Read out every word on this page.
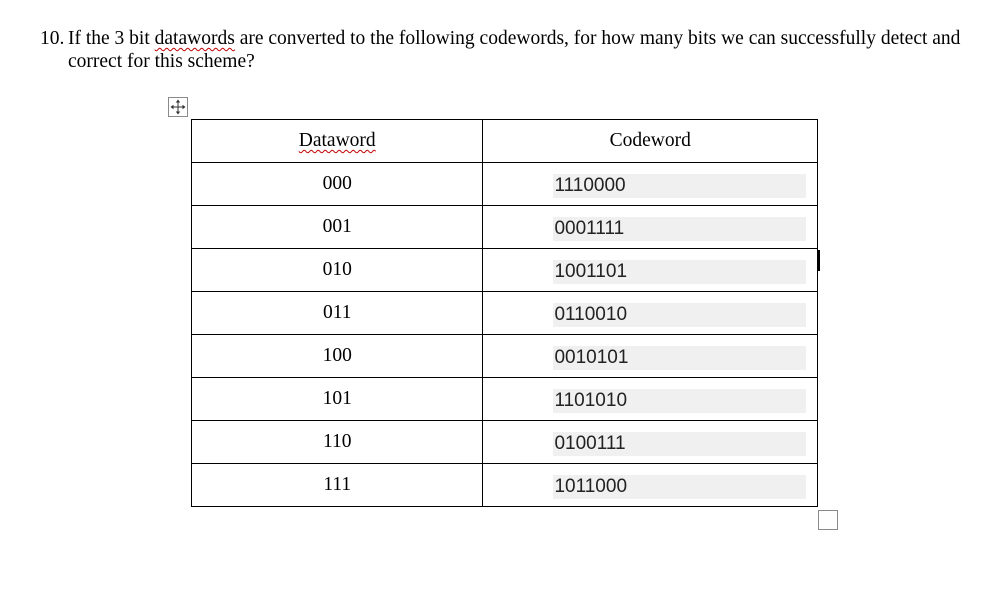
10. If the 3 bit datawords are converted to the following codewords, for how many bits we can successfully detect and correct for this scheme?
Dataword	Codeword
000	1110000

001	0001111

010	1001101

011	0110010

100	0010101

101	1101010

110	0100111

111	1011000
